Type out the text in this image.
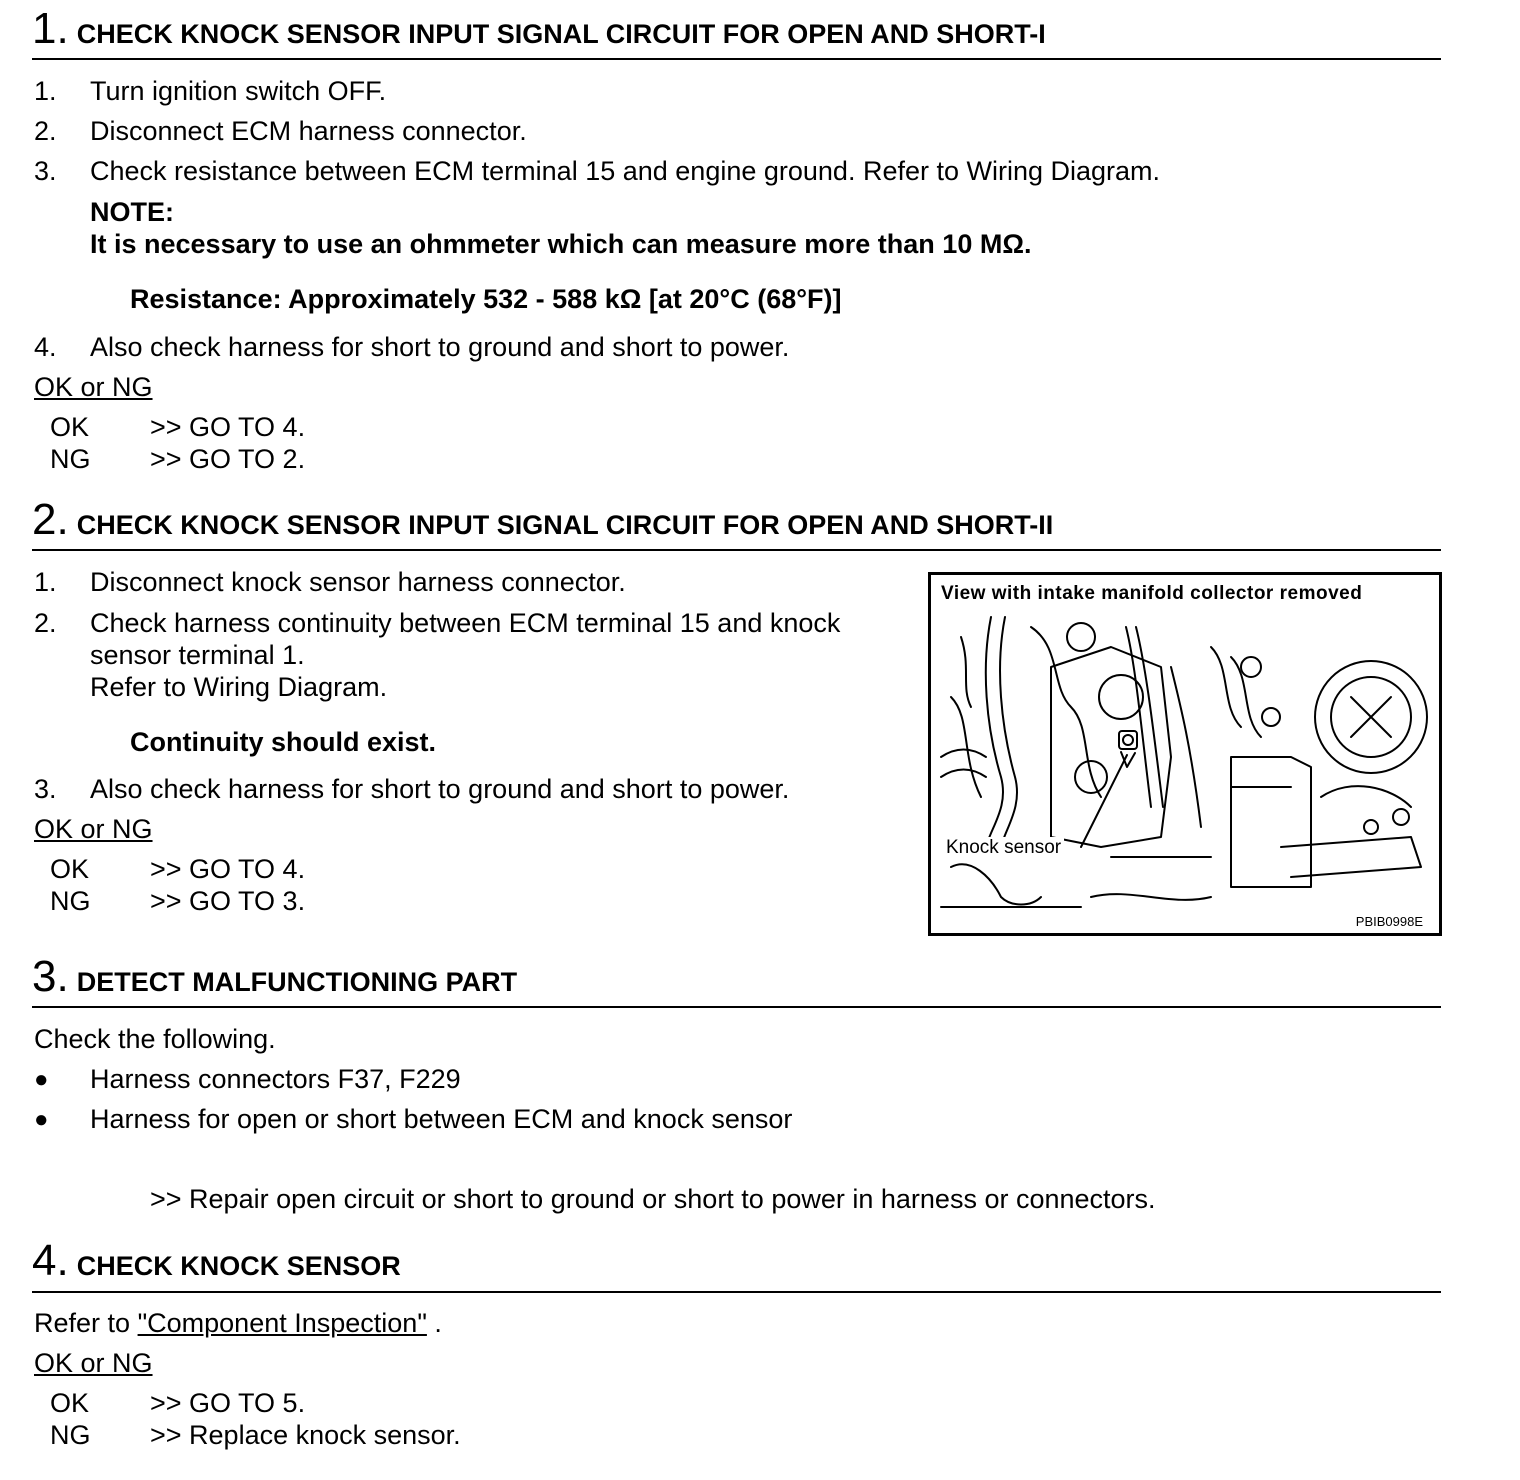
1. CHECK KNOCK SENSOR INPUT SIGNAL CIRCUIT FOR OPEN AND SHORT-I
1. Turn ignition switch OFF.
2. Disconnect ECM harness connector.
3. Check resistance between ECM terminal 15 and engine ground. Refer to Wiring Diagram.
NOTE:
It is necessary to use an ohmmeter which can measure more than 10 MΩ.
Resistance: Approximately 532 - 588 kΩ [at 20°C (68°F)]
4. Also check harness for short to ground and short to power.
OK or NG
OK >> GO TO 4.
NG >> GO TO 2.
2. CHECK KNOCK SENSOR INPUT SIGNAL CIRCUIT FOR OPEN AND SHORT-II
1. Disconnect knock sensor harness connector.
2. Check harness continuity between ECM terminal 15 and knock
sensor terminal 1.
Refer to Wiring Diagram.
Continuity should exist.
3. Also check harness for short to ground and short to power.
OK or NG
OK >> GO TO 4.
NG >> GO TO 3.
View with intake manifold collector removed
Knock sensor
PBIB0998E
3. DETECT MALFUNCTIONING PART
Check the following.
● Harness connectors F37, F229
● Harness for open or short between ECM and knock sensor
>> Repair open circuit or short to ground or short to power in harness or connectors.
4. CHECK KNOCK SENSOR
Refer to "Component Inspection" .
OK or NG
OK >> GO TO 5.
NG >> Replace knock sensor.
